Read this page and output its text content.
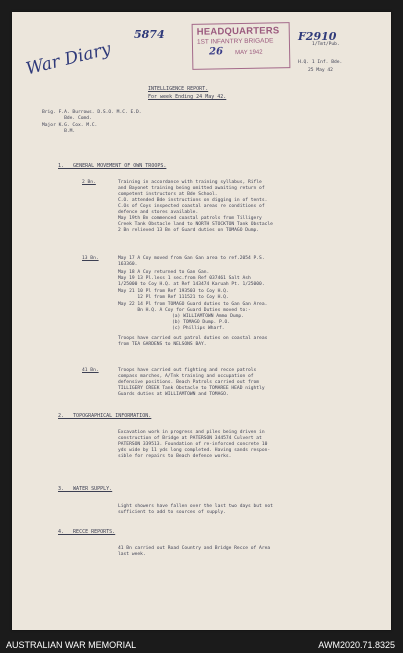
War Diary
5874	F2910
HEADQUARTERS
1ST INFANTRY BRIGADE
26 MAY 1942
1/Tmt/Pub.
H.Q. 1 Inf. Bde.
25 May 42
INTELLIGENCE REPORT.
For week Ending 24 May 42.
Brig. F.A. Burrows. D.S.O. M.C. E.D.
Bde. Comd.
Major K.G. Cox. M.C.
B.M.
1.   GENERAL MOVEMENT OF OWN TROOPS.
2 Bn.	Training in accordance with training syllabus, Rifle
and Bayonet training being omitted awaiting return of
competent instructors at Bde School.
C.O. attended Bde instructions on digging in of tents.
C.Os of Coys inspected coastal areas re conditions of
defence and stores available.
May 19th Bn commenced coastal patrols from Tilligery
Creek Tank Obstacle land to NORTH STOCKTON Tank Obstacle
2 Bn relieved 13 Bn of Guard duties on TOMAGO Dump.
13 Bn.	May 17 A Coy moved from Gan Gan area to ref.2054 P.S.
163360.
May 18 A Coy returned to Gan Gan.
May 19 13 Pl.less 1 sec.from Ref 037461 Salt Ash
1/25000 to Coy H.Q. at Ref 143474 Karuah Pt. 1/25000.
May 21 10 Pl from Ref 193503 to Coy H.Q.
12 Pl from Ref 111521 to Coy H.Q.
May 22 14 Pl from TOMAGO Guard duties to Gan Gan Area.
Bn H.Q. A Coy for Guard Duties moved to:-
(a) WILLIAMTOWN Ammo Dump.
(b) TOMAGO Dump. P.O.
(c) Phillips Wharf.
Troops have carried out patrol duties on coastal areas
from TEA GARDENS to NELSONS BAY.
41 Bn.	Troops have carried out fighting and recce patrols
compass marches, A/Tnk training and occupation of
defensive positions. Beach Patrols carried out from
TILLIGERY CREEK Tank Obstacle to TOMAREE HEAD nightly
Guards duties at WILLIAMTOWN and TOMAGO.
2.   TOPOGRAPHICAL INFORMATION.
Excavation work in progress and piles being driven in
construction of Bridge at PATERSON 344574 Culvert at
PATERSON 339513. Foundation of re-inforced concrete 10
yds wide by 11 yds long completed. Having sands respon-
sible for repairs to Beach defence works.
3.   WATER SUPPLY.
Light showers have fallen over the last two days but not
sufficient to add to sources of supply.
4.   RECCE REPORTS.
41 Bn carried out Road Country and Bridge Recce of Area
last week.
AUSTRALIAN WAR MEMORIAL	AWM2020.71.8325
